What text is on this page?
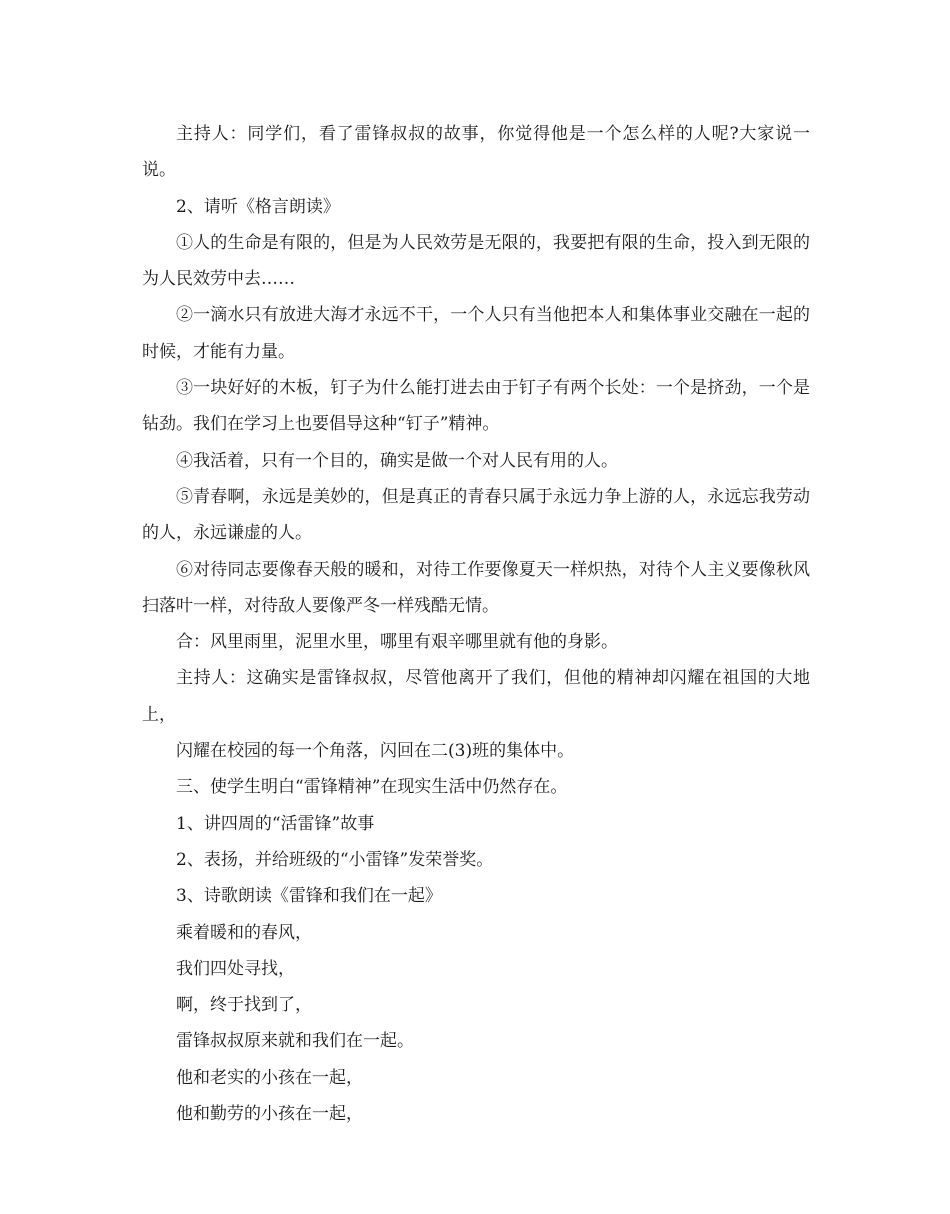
主持人：同学们，看了雷锋叔叔的故事，你觉得他是一个怎么样的人呢?大家说一说。

2、请听《格言朗读》

①人的生命是有限的，但是为人民效劳是无限的，我要把有限的生命，投入到无限的为人民效劳中去……

②一滴水只有放进大海才永远不干，一个人只有当他把本人和集体事业交融在一起的时候，才能有力量。

③一块好好的木板，钉子为什么能打进去由于钉子有两个长处：一个是挤劲，一个是钻劲。我们在学习上也要倡导这种“钉子”精神。

④我活着，只有一个目的，确实是做一个对人民有用的人。

⑤青春啊，永远是美妙的，但是真正的青春只属于永远力争上游的人，永远忘我劳动的人，永远谦虚的人。

⑥对待同志要像春天般的暖和，对待工作要像夏天一样炽热，对待个人主义要像秋风扫落叶一样，对待敌人要像严冬一样残酷无情。

合：风里雨里，泥里水里，哪里有艰辛哪里就有他的身影。

主持人：这确实是雷锋叔叔，尽管他离开了我们，但他的精神却闪耀在祖国的大地上，

闪耀在校园的每一个角落，闪回在二(3)班的集体中。

三、使学生明白“雷锋精神”在现实生活中仍然存在。

1、讲四周的“活雷锋”故事

2、表扬，并给班级的“小雷锋”发荣誉奖。

3、诗歌朗读《雷锋和我们在一起》

乘着暖和的春风，

我们四处寻找，

啊，终于找到了，

雷锋叔叔原来就和我们在一起。

他和老实的小孩在一起，

他和勤劳的小孩在一起，
